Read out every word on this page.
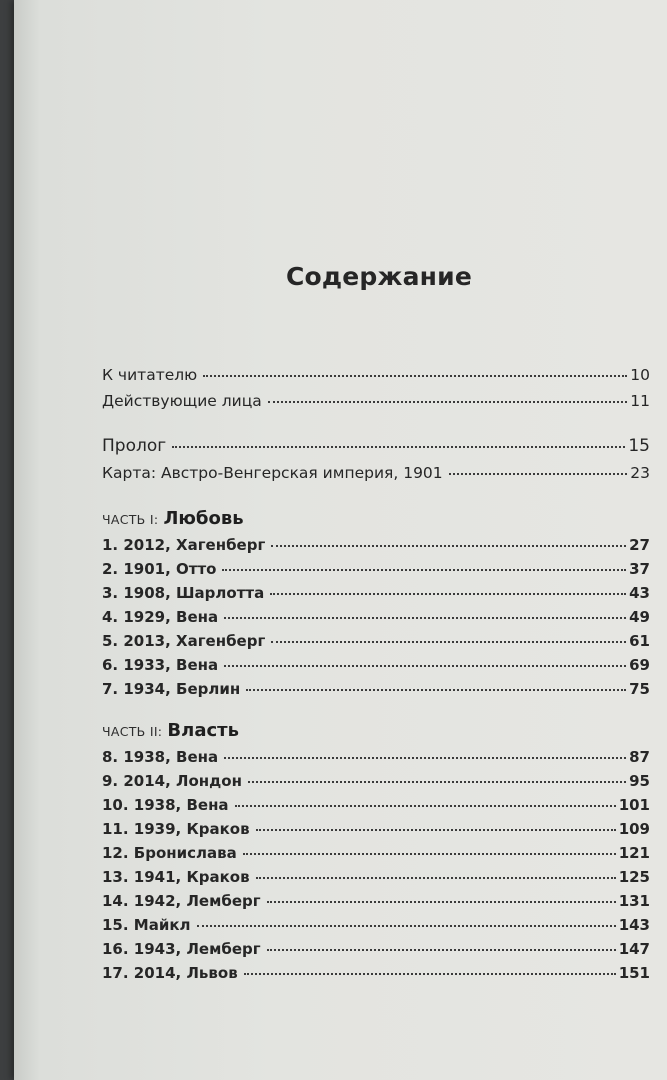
Содержание
К читателю	10
Действующие лица	11
Пролог	15
Карта: Австро-Венгерская империя, 1901	23
ЧАСТЬ I: Любовь
1. 2012, Хагенберг	27
2. 1901, Отто	37
3. 1908, Шарлотта	43
4. 1929, Вена	49
5. 2013, Хагенберг	61
6. 1933, Вена	69
7. 1934, Берлин	75
ЧАСТЬ II: Власть
8. 1938, Вена	87
9. 2014, Лондон	95
10. 1938, Вена	101
11. 1939, Краков	109
12. Бронислава	121
13. 1941, Краков	125
14. 1942, Лемберг	131
15. Майкл	143
16. 1943, Лемберг	147
17. 2014, Львов	151
